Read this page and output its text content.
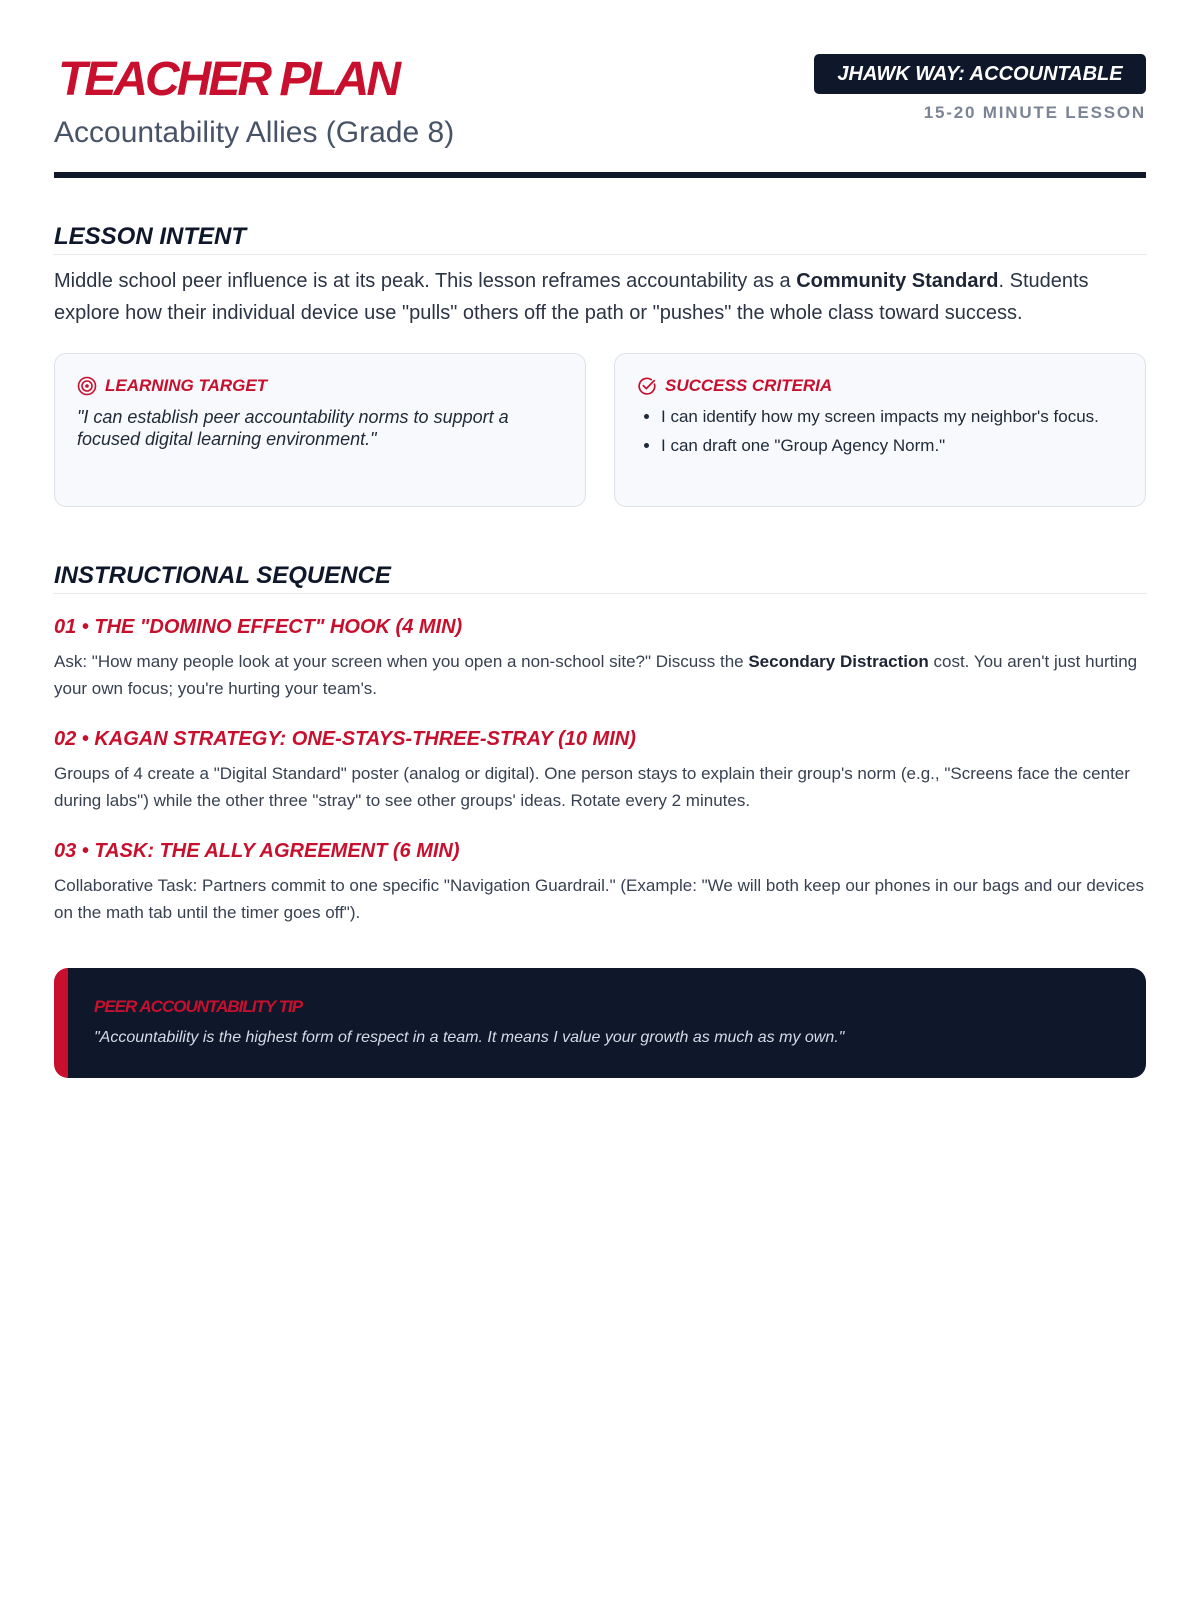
TEACHER PLAN
Accountability Allies (Grade 8)
JHAWK WAY: ACCOUNTABLE
15-20 MINUTE LESSON
LESSON INTENT

Middle school peer influence is at its peak. This lesson reframes accountability as a Community Standard. Students explore how their individual device use "pulls" others off the path or "pushes" the whole class toward success.

LEARNING TARGET
"I can establish peer accountability norms to support a focused digital learning environment."
SUCCESS CRITERIA
• I can identify how my screen impacts my neighbor's focus.
• I can draft one "Group Agency Norm."
INSTRUCTIONAL SEQUENCE
01 • THE "DOMINO EFFECT" HOOK (4 MIN)

Ask: "How many people look at your screen when you open a non-school site?" Discuss the Secondary Distraction cost. You aren't just hurting your own focus; you're hurting your team's.

02 • KAGAN STRATEGY: ONE-STAYS-THREE-STRAY (10 MIN)

Groups of 4 create a "Digital Standard" poster (analog or digital). One person stays to explain their group's norm (e.g., "Screens face the center during labs") while the other three "stray" to see other groups' ideas. Rotate every 2 minutes.

03 • TASK: THE ALLY AGREEMENT (6 MIN)

Collaborative Task: Partners commit to one specific "Navigation Guardrail." (Example: "We will both keep our phones in our bags and our devices on the math tab until the timer goes off").

PEER ACCOUNTABILITY TIP
"Accountability is the highest form of respect in a team. It means I value your growth as much as my own."
